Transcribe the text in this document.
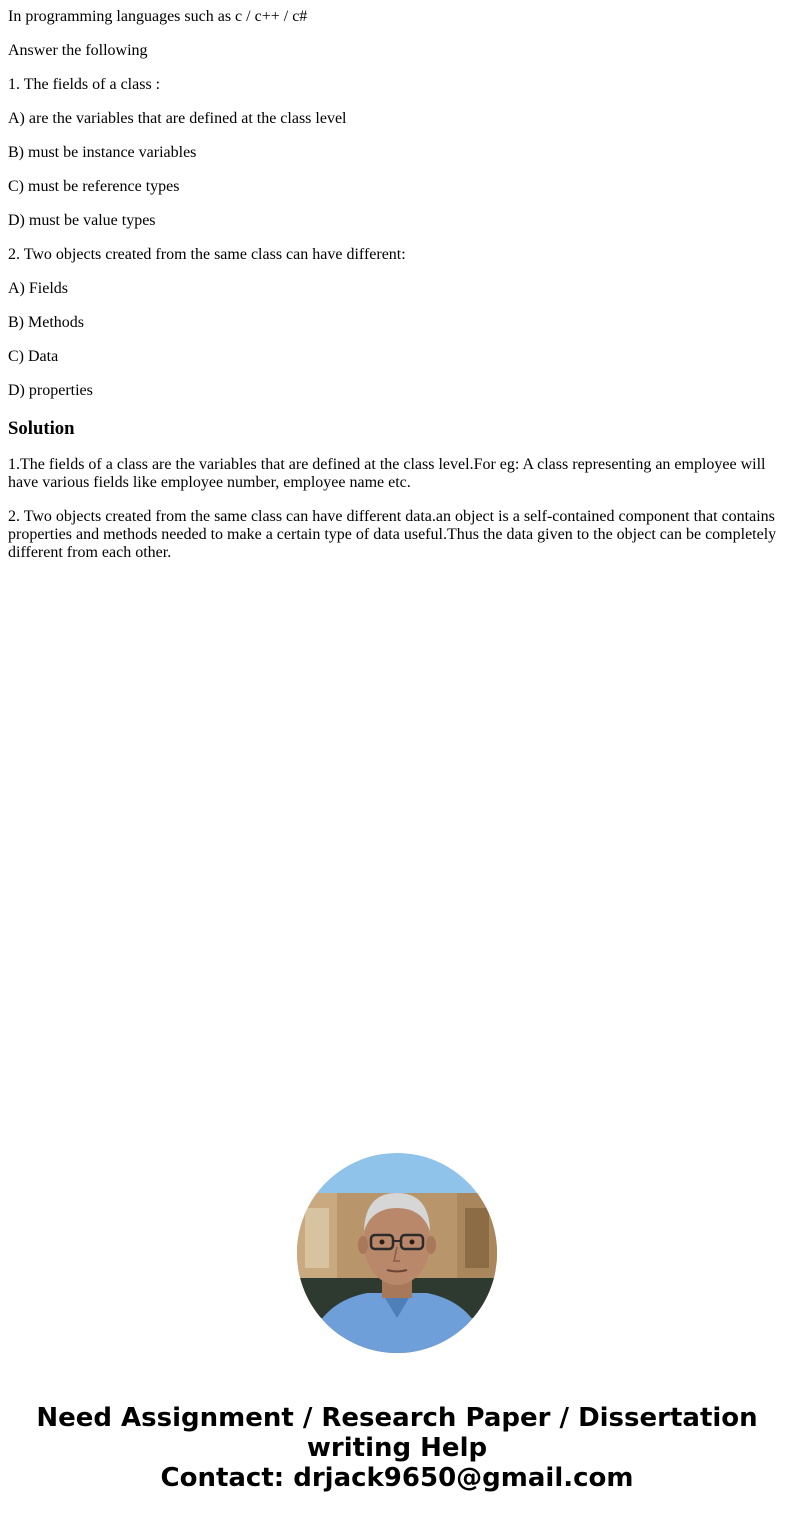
In programming languages such as c / c++ / c#

Answer the following

1. The fields of a class :

A) are the variables that are defined at the class level

B) must be instance variables

C) must be reference types

D) must be value types

2. Two objects created from the same class can have different:

A) Fields

B) Methods

C) Data

D) properties

Solution

1.The fields of a class are the variables that are defined at the class level.For eg: A class representing an employee will have various fields like employee number, employee name etc.

2. Two objects created from the same class can have different data.an object is a self-contained component that contains properties and methods needed to make a certain type of data useful.Thus the data given to the object can be completely different from each other.

Need Assignment / Research Paper / Dissertation
writing Help
Contact: drjack9650@gmail.com
